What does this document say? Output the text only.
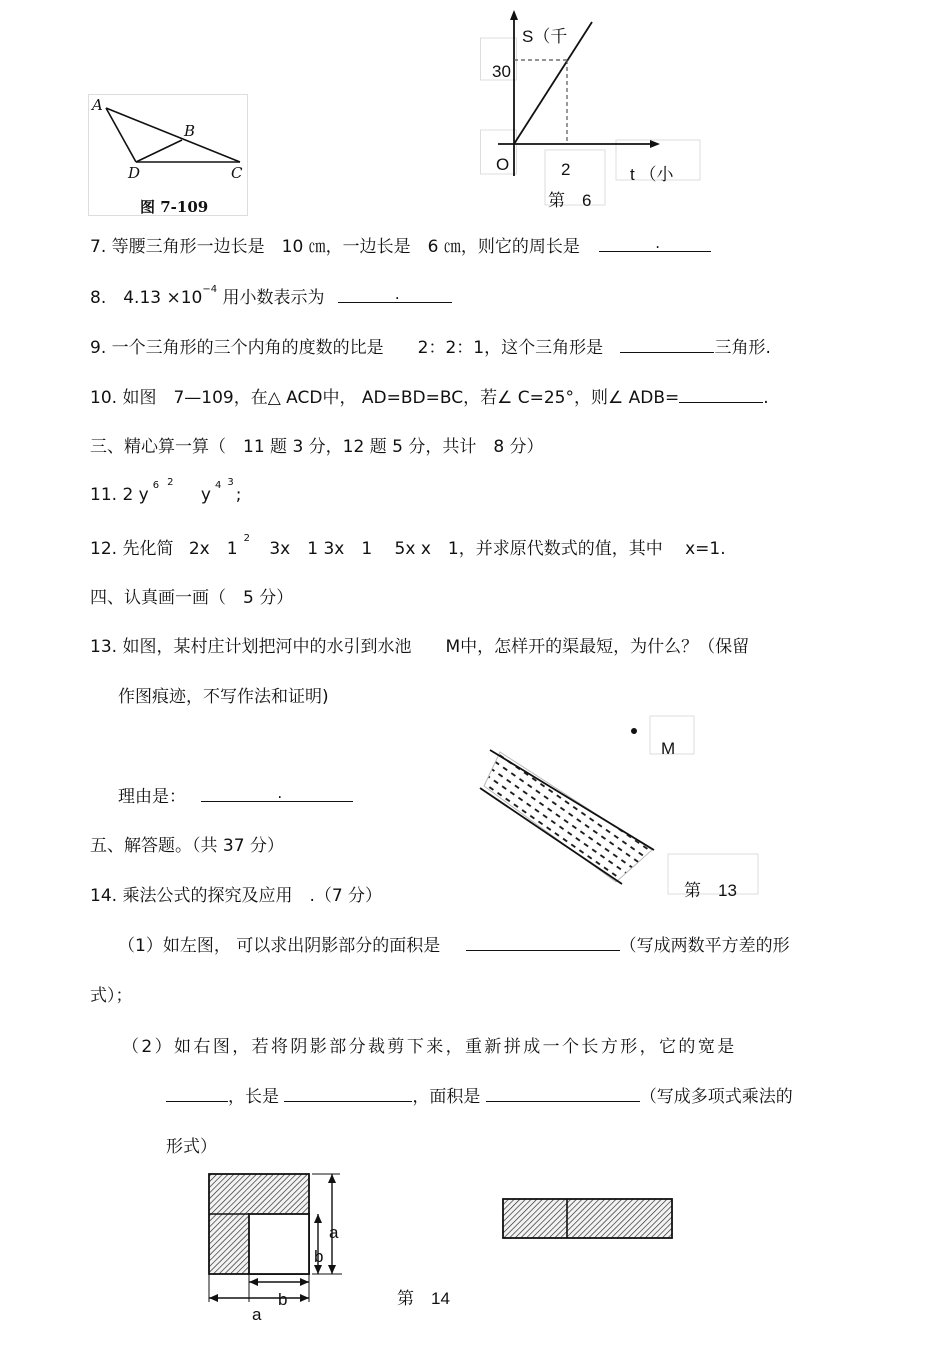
A
B
D	C
图 7-109
S（千
30
O	2	t （小
第　6
7. 等腰三角形一边长是　10 ㎝，一边长是　6 ㎝，则它的周长是	.
8.　$4.13 \times 10^{-4}$ 用小数表示为	.
9. 一个三角形的三个内角的度数的比是　　2：2：1，这个三角形是	三角形.
10. 如图　7—109，在△ ACD中， AD=BD=BC，若∠ C=25°，则∠ ADB=	.
三、精心算一算（　11 题 3 分，12 题 5 分，共计　8 分）
11. 2 y $^6$ $^2$ y $^4$ $^3$;
12. 先化简 2x　$1^2$ 3x　1 3x　1　 5x x　1，并求原代数式的值，其中　 x=1.
四、认真画一画（　5 分）
13. 如图，某村庄计划把河中的水引到水池　　M中，怎样开的渠最短，为什么？（保留
作图痕迹，不写作法和证明)
理由是：	.
M
第　13
五、解答题。（共 37 分）
14. 乘法公式的探究及应用　.（7 分）
（1）如左图， 可以求出阴影部分的面积是	（写成两数平方差的形
式）；
（2）如右图，若将阴影部分裁剪下来，重新拼成一个长方形，它的宽是
，长是	，面积是	（写成多项式乘法的
形式）
a
b
b
a
第　14
